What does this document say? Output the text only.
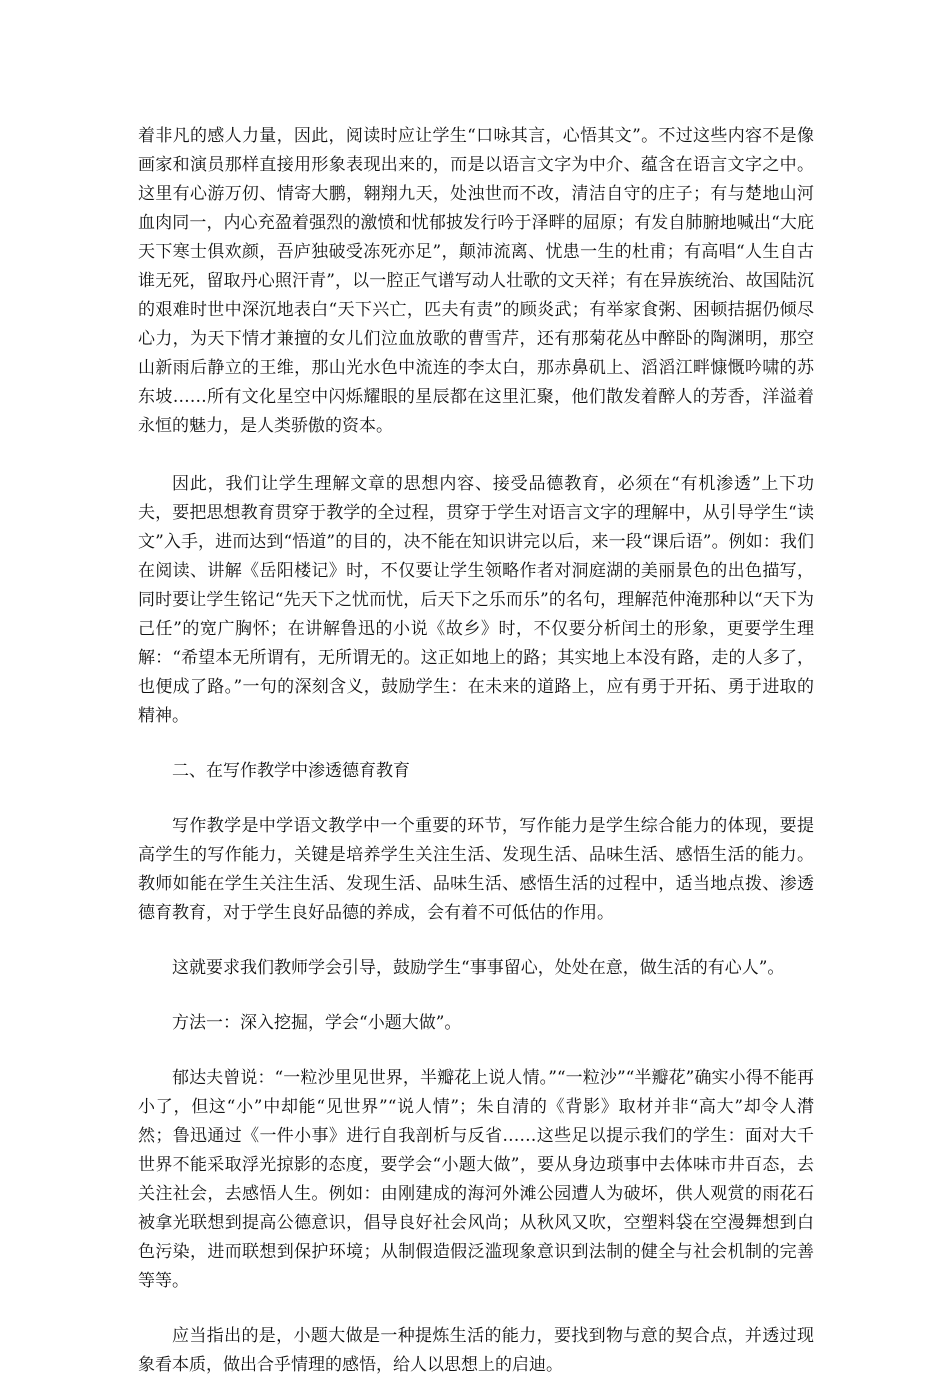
着非凡的感人力量，因此，阅读时应让学生“口咏其言，心悟其文”。不过这些内容不是像画家和演员那样直接用形象表现出来的，而是以语言文字为中介、蕴含在语言文字之中。这里有心游万仞、情寄大鹏，翱翔九天，处浊世而不改，清洁自守的庄子；有与楚地山河血肉同一，内心充盈着强烈的激愤和忧郁披发行吟于泽畔的屈原；有发自肺腑地喊出“大庇天下寒士俱欢颜，吾庐独破受冻死亦足”，颠沛流离、忧患一生的杜甫；有高唱“人生自古谁无死，留取丹心照汗青”，以一腔正气谱写动人壮歌的文天祥；有在异族统治、故国陆沉的艰难时世中深沉地表白“天下兴亡，匹夫有责”的顾炎武；有举家食粥、困顿拮据仍倾尽心力，为天下情才兼擅的女儿们泣血放歌的曹雪芹，还有那菊花丛中醉卧的陶渊明，那空山新雨后静立的王维，那山光水色中流连的李太白，那赤鼻矶上、滔滔江畔慷慨吟啸的苏东坡……所有文化星空中闪烁耀眼的星辰都在这里汇聚，他们散发着醉人的芳香，洋溢着永恒的魅力，是人类骄傲的资本。

因此，我们让学生理解文章的思想内容、接受品德教育，必须在“有机渗透”上下功夫，要把思想教育贯穿于教学的全过程，贯穿于学生对语言文字的理解中，从引导学生“读文”入手，进而达到“悟道”的目的，决不能在知识讲完以后，来一段“课后语”。例如：我们在阅读、讲解《岳阳楼记》时，不仅要让学生领略作者对洞庭湖的美丽景色的出色描写，同时要让学生铭记“先天下之忧而忧，后天下之乐而乐”的名句，理解范仲淹那种以“天下为己任”的宽广胸怀；在讲解鲁迅的小说《故乡》时，不仅要分析闰土的形象，更要学生理解：“希望本无所谓有，无所谓无的。这正如地上的路；其实地上本没有路，走的人多了，也便成了路。”一句的深刻含义，鼓励学生：在未来的道路上，应有勇于开拓、勇于进取的精神。

二、在写作教学中渗透德育教育

写作教学是中学语文教学中一个重要的环节，写作能力是学生综合能力的体现，要提高学生的写作能力，关键是培养学生关注生活、发现生活、品味生活、感悟生活的能力。教师如能在学生关注生活、发现生活、品味生活、感悟生活的过程中，适当地点拨、渗透德育教育，对于学生良好品德的养成，会有着不可低估的作用。

这就要求我们教师学会引导，鼓励学生“事事留心，处处在意，做生活的有心人”。

方法一：深入挖掘，学会“小题大做”。

郁达夫曾说：“一粒沙里见世界，半瓣花上说人情。”“一粒沙”“半瓣花”确实小得不能再小了，但这“小”中却能“见世界”“说人情”；朱自清的《背影》取材并非“高大”却令人潸然；鲁迅通过《一件小事》进行自我剖析与反省……这些足以提示我们的学生：面对大千世界不能采取浮光掠影的态度，要学会“小题大做”，要从身边琐事中去体味市井百态，去关注社会，去感悟人生。例如：由刚建成的海河外滩公园遭人为破坏，供人观赏的雨花石被拿光联想到提高公德意识，倡导良好社会风尚；从秋风又吹，空塑料袋在空漫舞想到白色污染，进而联想到保护环境；从制假造假泛滥现象意识到法制的健全与社会机制的完善等等。

应当指出的是，小题大做是一种提炼生活的能力，要找到物与意的契合点，并透过现象看本质，做出合乎情理的感悟，给人以思想上的启迪。
